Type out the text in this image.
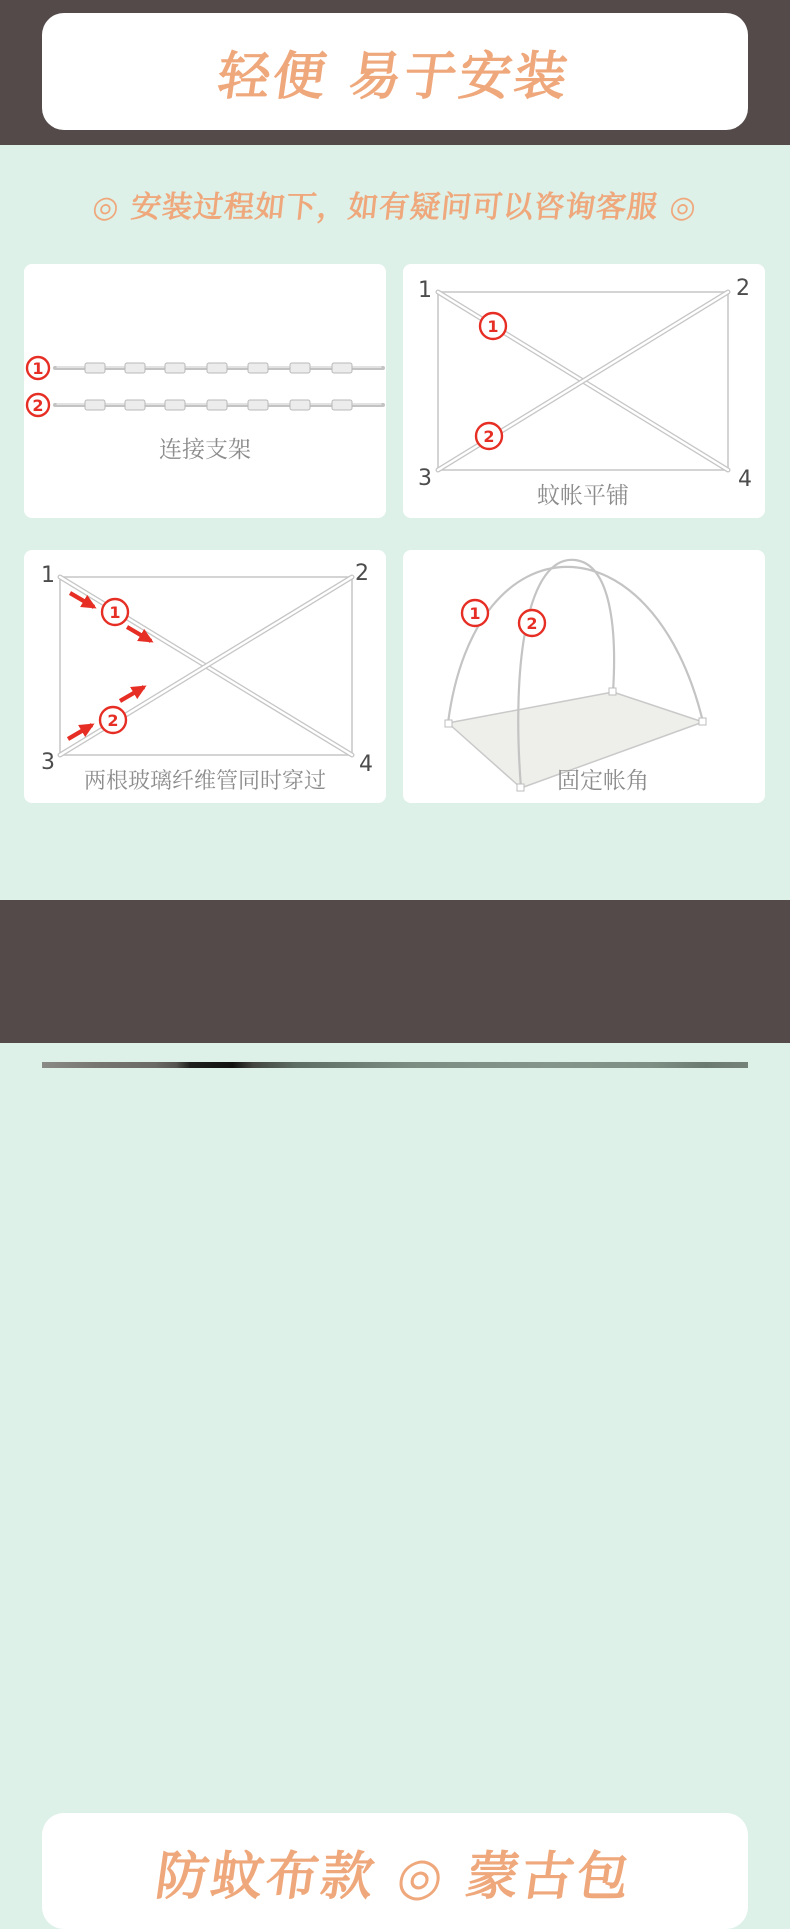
轻便 易于安装
◎ 安装过程如下，如有疑问可以咨询客服 ◎
1
2
连接支架
1	2
3	4
1
2
蚊帐平铺
1	2
3	4
1
2
两根玻璃纤维管同时穿过
1
2
固定帐角
防蚊布款 ◎ 蒙古包
